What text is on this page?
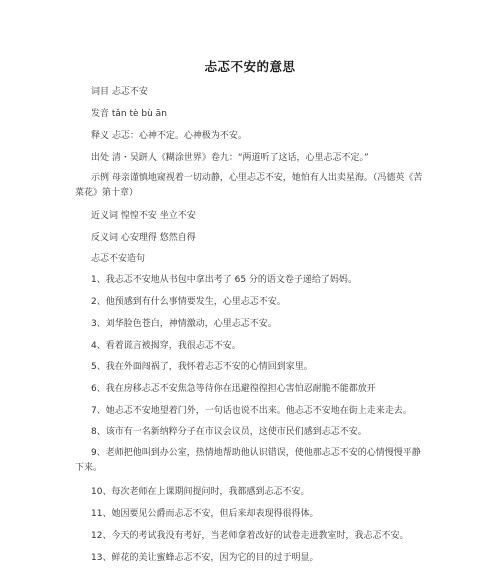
忐忑不安的意思
词目 忐忑不安
发音 tǎn tè bù ān
释义 忐忑：心神不定。心神极为不安。
出处 清・吴趼人《糊涂世界》卷九：“两道听了这话，心里忐忑不定。”
示例 母亲谨慎地窥视着一切动静，心里忐忑不安，她怕有人出卖星海。（冯德英《苦
菜花》第十章）
近义词 惶惶不安 坐立不安
反义词 心安理得 悠然自得
忐忑不安造句
1、我忐忑不安地从书包中拿出考了 65 分的语文卷子递给了妈妈。
2、他预感到有什么事情要发生，心里忐忑不安。
3、刘华脸色苍白，神情激动，心里忐忑不安。
4、看着谎言被揭穿，我很忐忑不安。
5、我在外面闯祸了，我怀着忐忑不安的心情回到家里。
6、我在房移忐忑不安焦急等待你在迅避徨徨担心害怕忍耐脆不能都放开
7、她忐忑不安地望着门外，一句话也说不出来。他忐忑不安地在街上走来走去。
8、该市有一名新纳粹分子在市议会议员，这使市民们感到忐忑不安。
9、老师把他叫到办公室，热情地帮助他认识错误，使他那忐忑不安的心情慢慢平静
下来。
10、每次老师在上课期间提问时，我都感到忐忑不安。
11、她因要见公爵而忐忑不安，但后来却表现得很得体。
12、今天的考试我没有考好，当老师拿着改好的试卷走进教室时，我忐忑不安。
13、鲜花的美让蜜蜂忐忑不安，因为它的目的过于明显。
